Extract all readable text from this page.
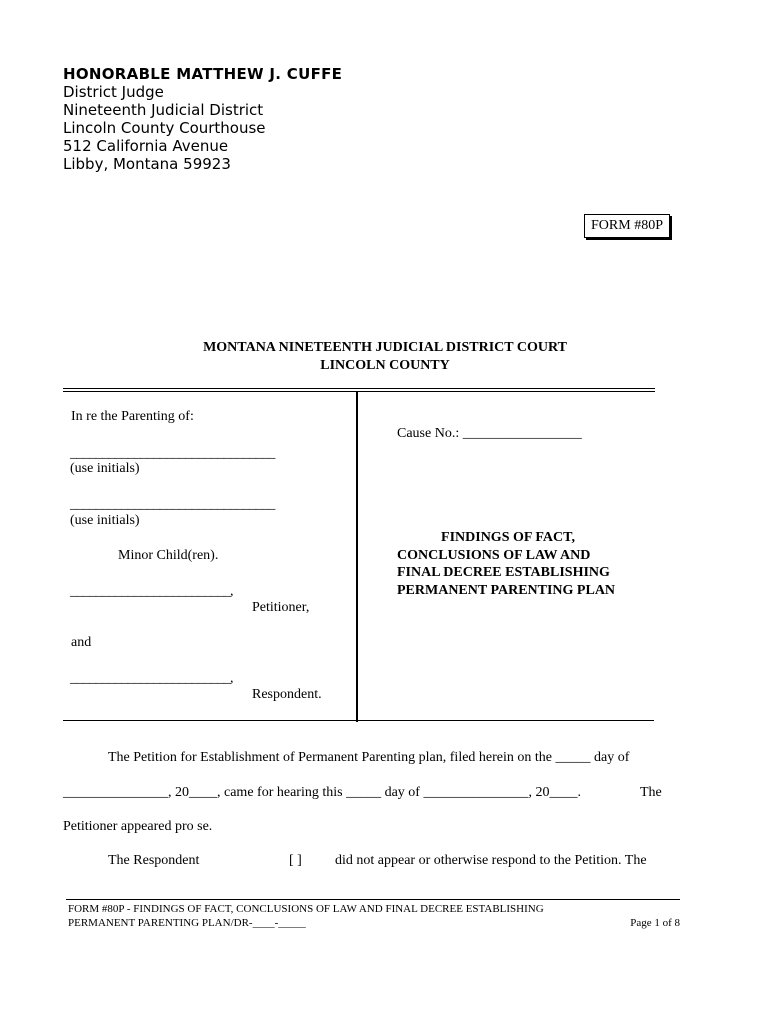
HONORABLE MATTHEW J. CUFFE
District Judge
Nineteenth Judicial District
Lincoln County Courthouse
512 California Avenue
Libby, Montana 59923
FORM #80P
MONTANA NINETEENTH JUDICIAL DISTRICT COURT
LINCOLN COUNTY
In re the Parenting of:
________________________________
(use initials)
________________________________
(use initials)
Minor Child(ren).
_________________________,
Petitioner,
and
_________________________,
Respondent.
Cause No.: _________________
FINDINGS OF FACT,
CONCLUSIONS OF LAW AND
FINAL DECREE ESTABLISHING
PERMANENT PARENTING PLAN
The Petition for Establishment of Permanent Parenting plan, filed herein on the _____ day of
_______________, 20____, came for hearing this _____ day of _______________, 20____.	The
Petitioner appeared pro se.
The Respondent	[ ] did not appear or otherwise respond to the Petition. The
FORM #80P - FINDINGS OF FACT, CONCLUSIONS OF LAW AND FINAL DECREE ESTABLISHING
PERMANENT PARENTING PLAN/DR-____-_____	Page 1 of 8
